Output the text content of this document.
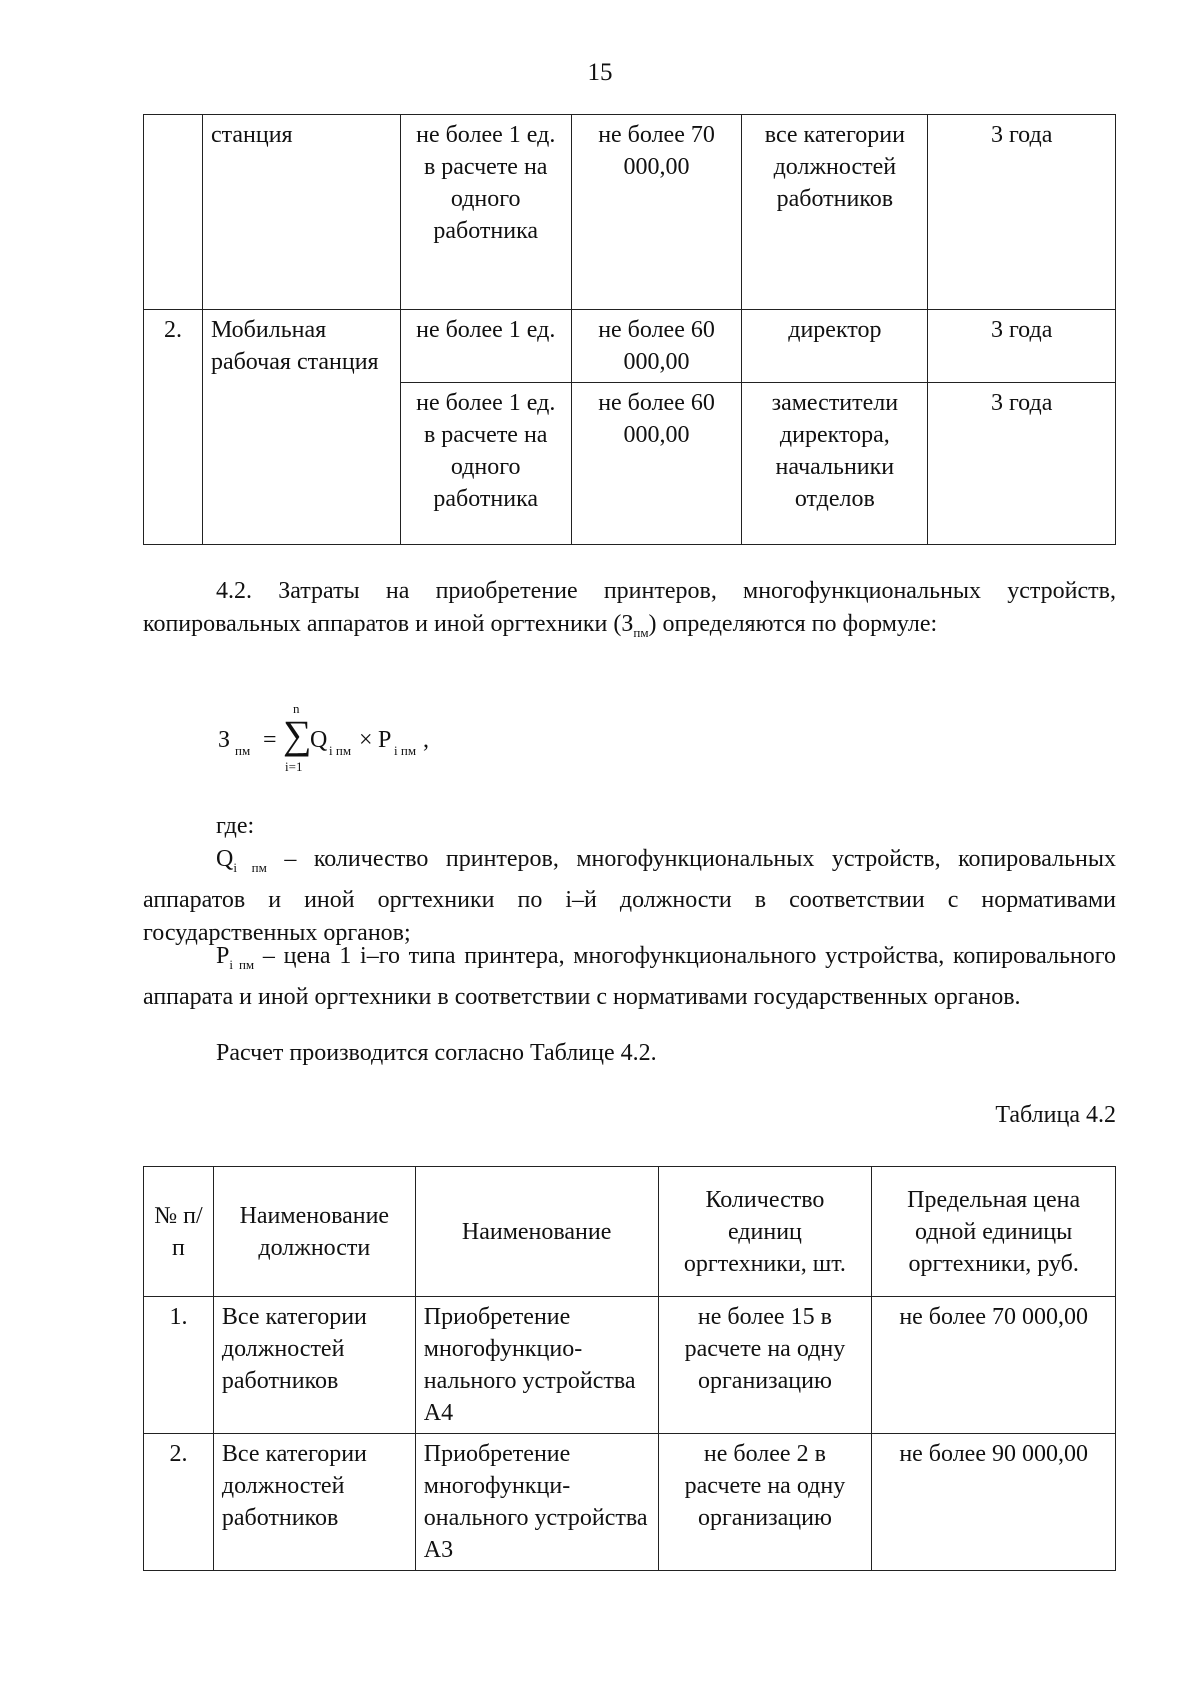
15
	станция	не более 1 ед. в расчете на одного работника	не более 70 000,00	все категории должностей работников	3 года
2.	Мобильная рабочая станция	не более 1 ед.	не более 60 000,00	директор	3 года
		не более 1 ед. в расчете на одного работника	не более 60 000,00	заместители директора, начальники отделов	3 года
4.2. Затраты на приобретение принтеров, многофункциональных устройств, копировальных аппаратов и иной оргтехники $(З_{пм})$ определяются по формуле:
З пм =
n
∑
i=1
Q i пм × P i пм ,
где:
$Q_{i пм}$ – количество принтеров, многофункциональных устройств, копировальных аппаратов и иной оргтехники по i–й должности в соответствии с нормативами государственных органов;
$P_{i пм}$ – цена 1 i–го типа принтера, многофункционального устройства, копировального аппарата и иной оргтехники в соответствии с нормативами государственных органов.
Расчет производится согласно Таблице 4.2.
Таблица 4.2
№ п/п	Наименование должности	Наименование	Количество единиц оргтехники, шт.	Предельная цена одной единицы оргтехники, руб.
1.	Все категории должностей работников	Приобретение многофункцио-нального устройства А4	не более 15 в расчете на одну организацию	не более 70 000,00
2.	Все категории должностей работников	Приобретение многофункци-онального устройства А3	не более 2 в расчете на одну организацию	не более 90 000,00
